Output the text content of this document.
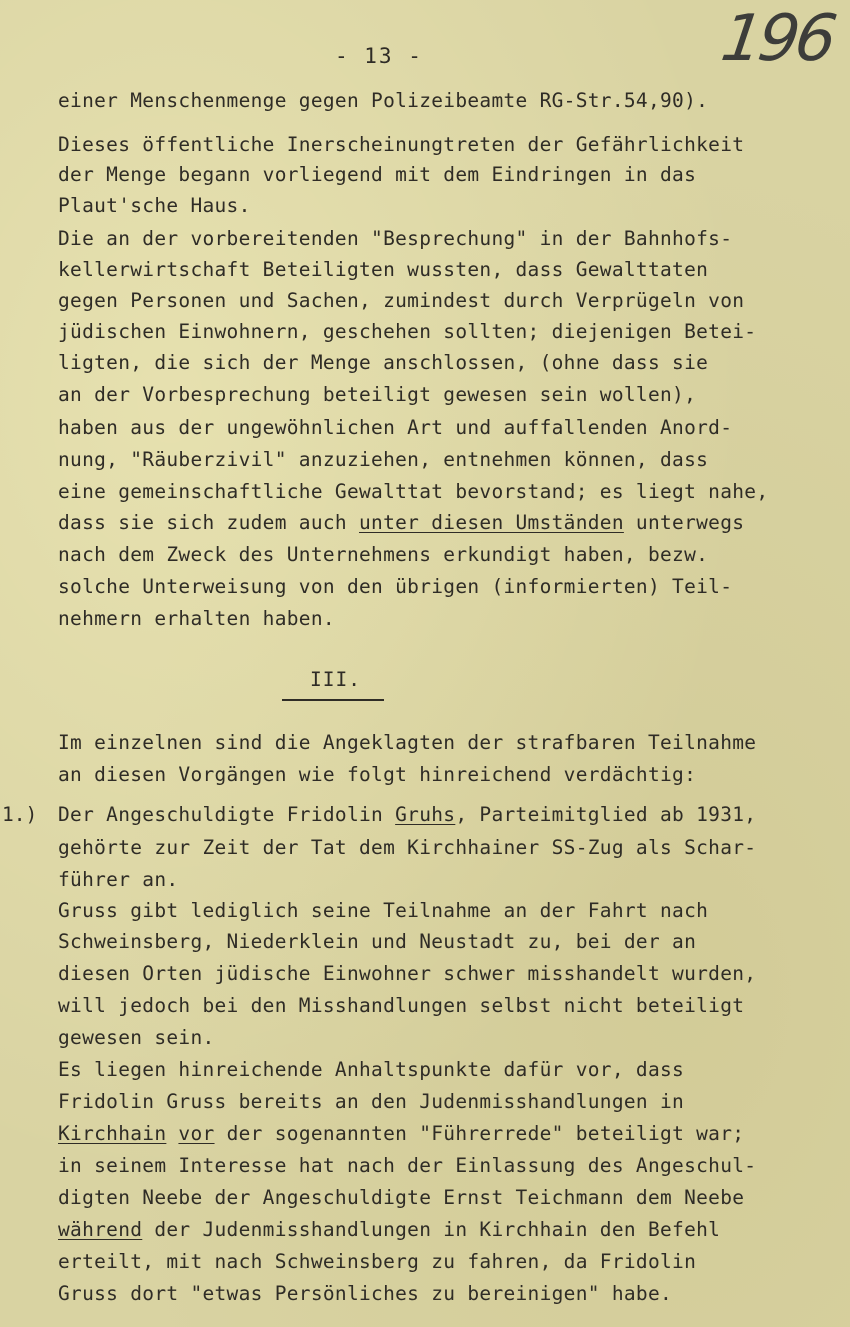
196
- 13 -
einer Menschenmenge gegen Polizeibeamte RG-Str.54,90).
Dieses öffentliche Inerscheinungtreten der Gefährlichkeit
der Menge begann vorliegend mit dem Eindringen in das
Plaut'sche Haus.
Die an der vorbereitenden "Besprechung" in der Bahnhofs-
kellerwirtschaft Beteiligten wussten, dass Gewalttaten
gegen Personen und Sachen, zumindest durch Verprügeln von
jüdischen Einwohnern, geschehen sollten; diejenigen Betei-
ligten, die sich der Menge anschlossen, (ohne dass sie
an der Vorbesprechung beteiligt gewesen sein wollen),
haben aus der ungewöhnlichen Art und auffallenden Anord-
nung, "Räuberzivil" anzuziehen, entnehmen können, dass
eine gemeinschaftliche Gewalttat bevorstand; es liegt nahe,
dass sie sich zudem auch unter diesen Umständen unterwegs
nach dem Zweck des Unternehmens erkundigt haben, bezw.
solche Unterweisung von den übrigen (informierten) Teil-
nehmern erhalten haben.
III.
Im einzelnen sind die Angeklagten der strafbaren Teilnahme
an diesen Vorgängen wie folgt hinreichend verdächtig:
1.) Der Angeschuldigte Fridolin Gruhs, Parteimitglied ab 1931,
gehörte zur Zeit der Tat dem Kirchhainer SS-Zug als Schar-
führer an.
Gruss gibt lediglich seine Teilnahme an der Fahrt nach
Schweinsberg, Niederklein und Neustadt zu, bei der an
diesen Orten jüdische Einwohner schwer misshandelt wurden,
will jedoch bei den Misshandlungen selbst nicht beteiligt
gewesen sein.
Es liegen hinreichende Anhaltspunkte dafür vor, dass
Fridolin Gruss bereits an den Judenmisshandlungen in
Kirchhain vor der sogenannten "Führerrede" beteiligt war;
in seinem Interesse hat nach der Einlassung des Angeschul-
digten Neebe der Angeschuldigte Ernst Teichmann dem Neebe
während der Judenmisshandlungen in Kirchhain den Befehl
erteilt, mit nach Schweinsberg zu fahren, da Fridolin
Gruss dort "etwas Persönliches zu bereinigen" habe.
